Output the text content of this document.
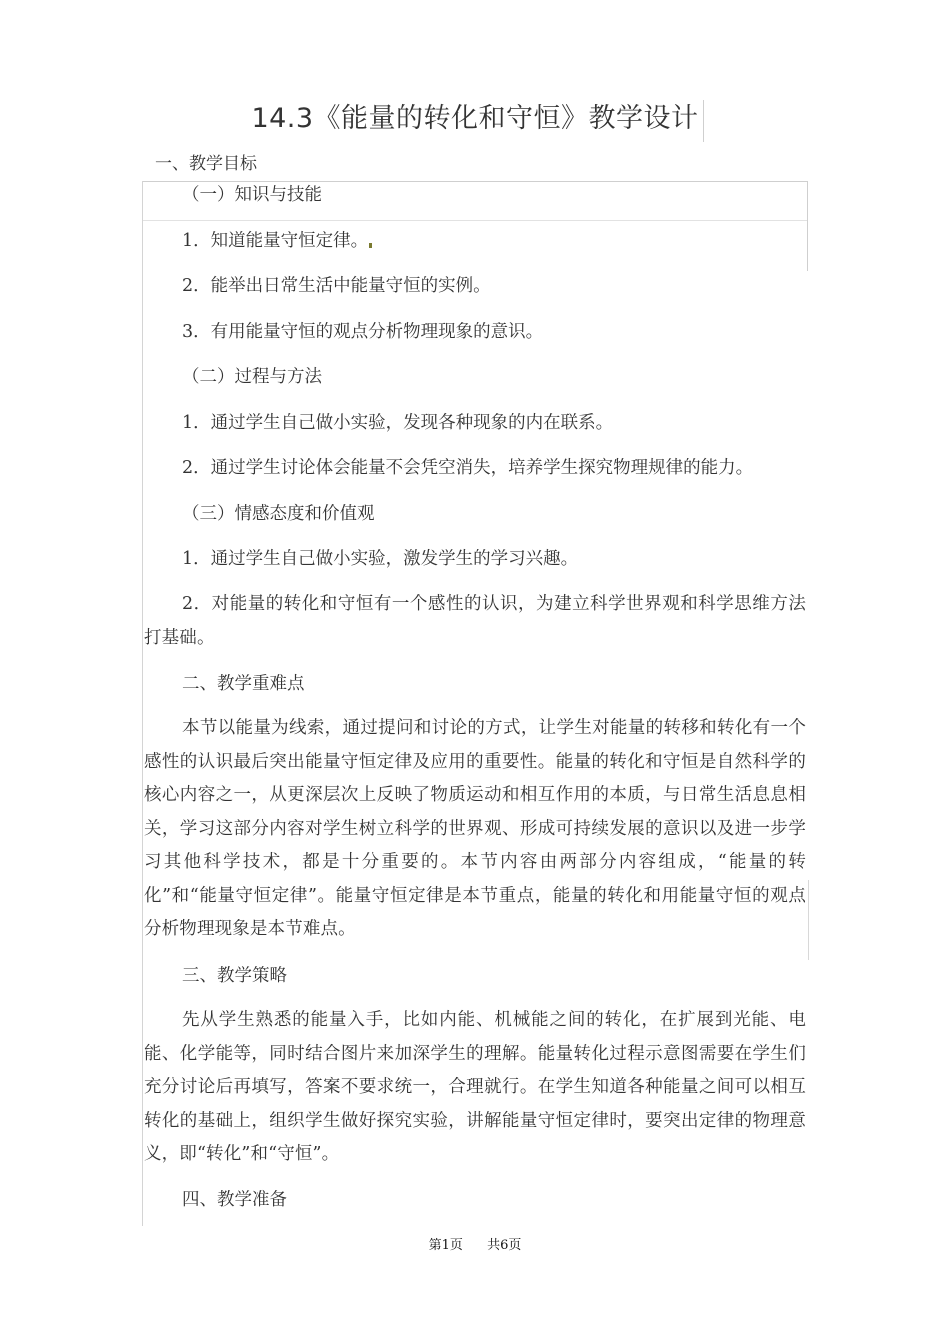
14.3《能量的转化和守恒》教学设计
一、教学目标
（一）知识与技能
1．知道能量守恒定律。
2．能举出日常生活中能量守恒的实例。
3．有用能量守恒的观点分析物理现象的意识。
（二）过程与方法
1．通过学生自己做小实验，发现各种现象的内在联系。
2．通过学生讨论体会能量不会凭空消失，培养学生探究物理规律的能力。
（三）情感态度和价值观
1．通过学生自己做小实验，激发学生的学习兴趣。
2．对能量的转化和守恒有一个感性的认识，为建立科学世界观和科学思维方法打基础。
二、教学重难点
本节以能量为线索，通过提问和讨论的方式，让学生对能量的转移和转化有一个感性的认识最后突出能量守恒定律及应用的重要性。能量的转化和守恒是自然科学的核心内容之一，从更深层次上反映了物质运动和相互作用的本质，与日常生活息息相关，学习这部分内容对学生树立科学的世界观、形成可持续发展的意识以及进一步学习其他科学技术，都是十分重要的。本节内容由两部分内容组成，“能量的转化”和“能量守恒定律”。能量守恒定律是本节重点，能量的转化和用能量守恒的观点分析物理现象是本节难点。
三、教学策略
先从学生熟悉的能量入手，比如内能、机械能之间的转化，在扩展到光能、电能、化学能等，同时结合图片来加深学生的理解。能量转化过程示意图需要在学生们充分讨论后再填写，答案不要求统一，合理就行。在学生知道各种能量之间可以相互转化的基础上，组织学生做好探究实验，讲解能量守恒定律时，要突出定律的物理意义，即“转化”和“守恒”。
四、教学准备
第1页 共6页
